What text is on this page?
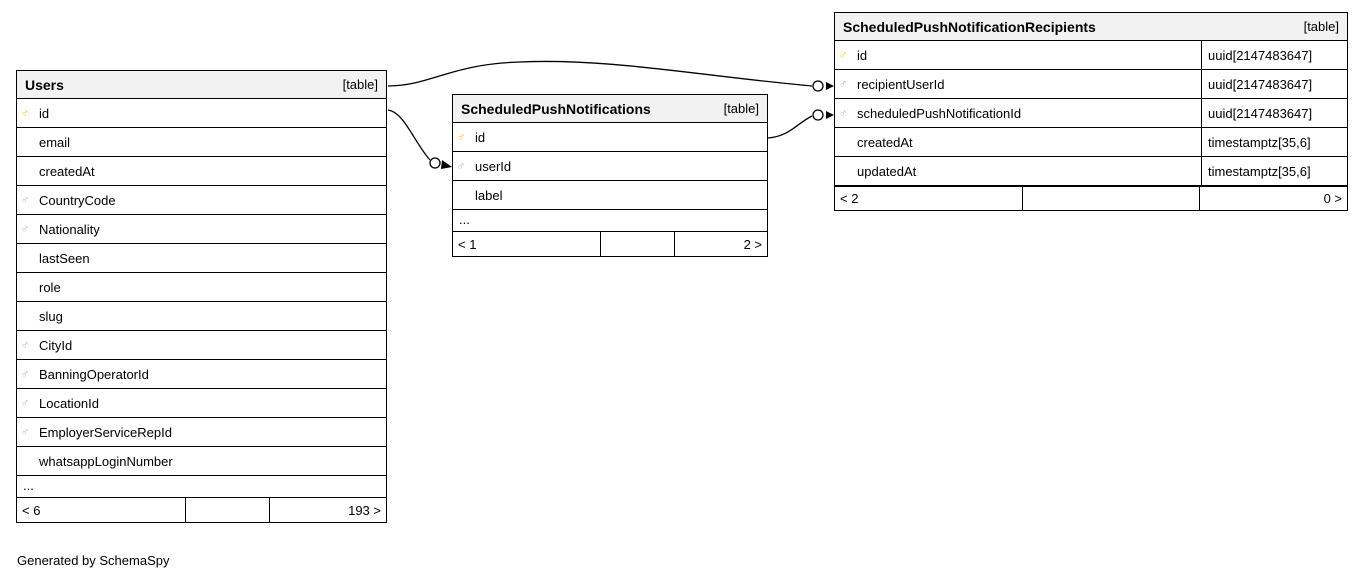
Users	[table]
♂ id
email
createdAt
♂ CountryCode
♂ Nationality
lastSeen
role
slug
♂ CityId
♂ BanningOperatorId
♂ LocationId
♂ EmployerServiceRepId
whatsappLoginNumber
...
< 6	193 >
ScheduledPushNotifications	[table]
♂ id
♂ userId
label
...
< 1	2 >
ScheduledPushNotificationRecipients	[table]
♂ id	uuid[2147483647]
♂ recipientUserId	uuid[2147483647]
♂ scheduledPushNotificationId	uuid[2147483647]
createdAt	timestamptz[35,6]
updatedAt	timestamptz[35,6]
< 2	0 >
Generated by SchemaSpy
